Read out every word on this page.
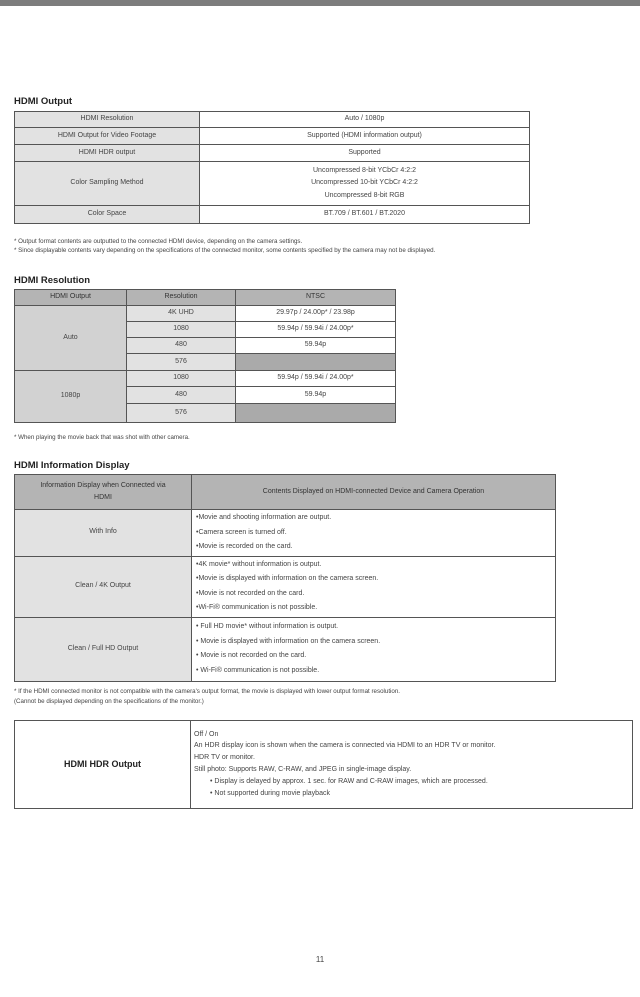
HDMI Output
HDMI Resolution	Auto / 1080p
HDMI Output for Video Footage	Supported (HDMI information output)
HDMI HDR output	Supported
Color Sampling Method	Uncompressed 8-bit YCbCr 4:2:2
Uncompressed 10-bit YCbCr 4:2:2
Uncompressed 8-bit RGB

Color Space	BT.709 / BT.601 / BT.2020

* Output format contents are outputted to the connected HDMI device, depending on the camera settings.

* Since displayable contents vary depending on the specifications of the connected monitor, some contents specified by the camera may not be displayed.

HDMI Resolution
HDMI Output	Resolution	NTSC
Auto	4K UHD	29.97p / 24.00p* / 23.98p
	1080	59.94p / 59.94i / 24.00p*
	480	59.94p
	576	
1080p	1080	59.94p / 59.94i / 24.00p*
	480	59.94p
	576	

* When playing the movie back that was shot with other camera.

HDMI Information Display
Information Display when Connected via
HDMI	Contents Displayed on HDMI-connected Device and Camera Operation
With Info	•Movie and shooting information are output.
•Camera screen is turned off.
•Movie is recorded on the card.

Clean / 4K Output	•4K movie* without information is output.
•Movie is displayed with information on the camera screen.
•Movie is not recorded on the card.
•Wi-Fi® communication is not possible.

Clean / Full HD Output	• Full HD movie* without information is output.
• Movie is displayed with information on the camera screen.
• Movie is not recorded on the card.
• Wi-Fi® communication is not possible.

* If the HDMI connected monitor is not compatible with the camera's output format, the movie is displayed with lower output format resolution.

(Cannot be displayed depending on the specifications of the monitor.)

HDMI HDR Output	
Off / On
An HDR display icon is shown when the camera is connected via HDMI to an HDR TV or monitor.
HDR TV or monitor.
Still photo: Supports RAW, C-RAW, and JPEG in single-image display.
• Display is delayed by approx. 1 sec. for RAW and C-RAW images, which are processed.
• Not supported during movie playback
11
